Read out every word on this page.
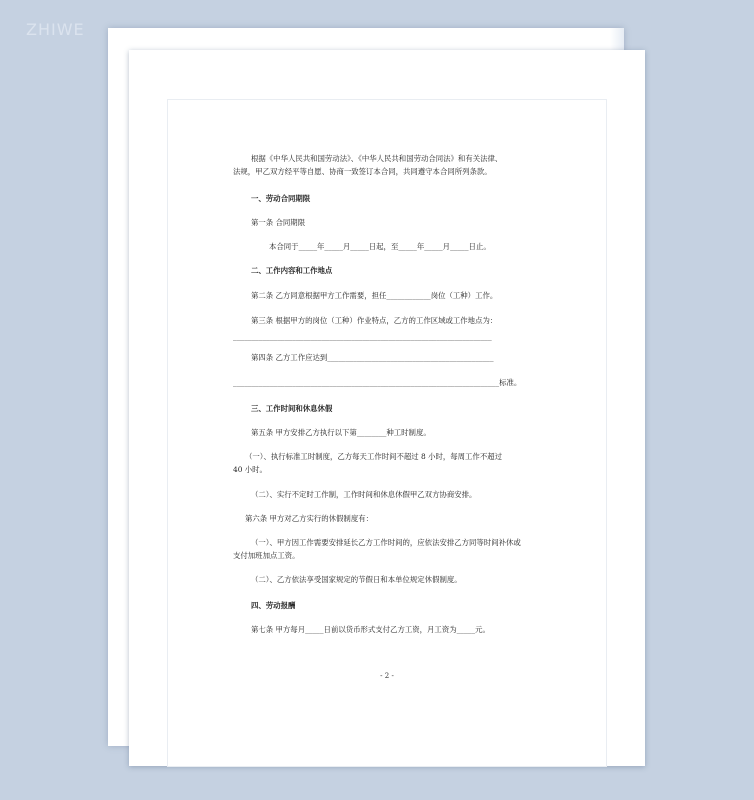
ZHIWE
根据《中华人民共和国劳动法》、《中华人民共和国劳动合同法》和有关法律、
法规，甲乙双方经平等自愿、协商一致签订本合同，共同遵守本合同所列条款。
一、劳动合同期限
第一条 合同期限
本合同于_____年_____月_____日起，至_____年_____月_____日止。
二、工作内容和工作地点
第二条 乙方同意根据甲方工作需要，担任____________岗位（工种）工作。
第三条 根据甲方的岗位（工种）作业特点，乙方的工作区域或工作地点为：
______________________________________________________________________
第四条 乙方工作应达到_____________________________________________
________________________________________________________________________标准。
三、工作时间和休息休假
第五条 甲方安排乙方执行以下第________种工时制度。
（一）、执行标准工时制度，乙方每天工作时间不超过 8 小时，每周工作不超过
40 小时。
（二）、实行不定时工作制，工作时间和休息休假甲乙双方协商安排。
第六条 甲方对乙方实行的休假制度有：
（一）、甲方因工作需要安排延长乙方工作时间的，应依法安排乙方同等时间补休或
支付加班加点工资。
（二）、乙方依法享受国家规定的节假日和本单位规定休假制度。
四、劳动报酬
第七条 甲方每月_____日前以货币形式支付乙方工资，月工资为_____元。
- 2 -
